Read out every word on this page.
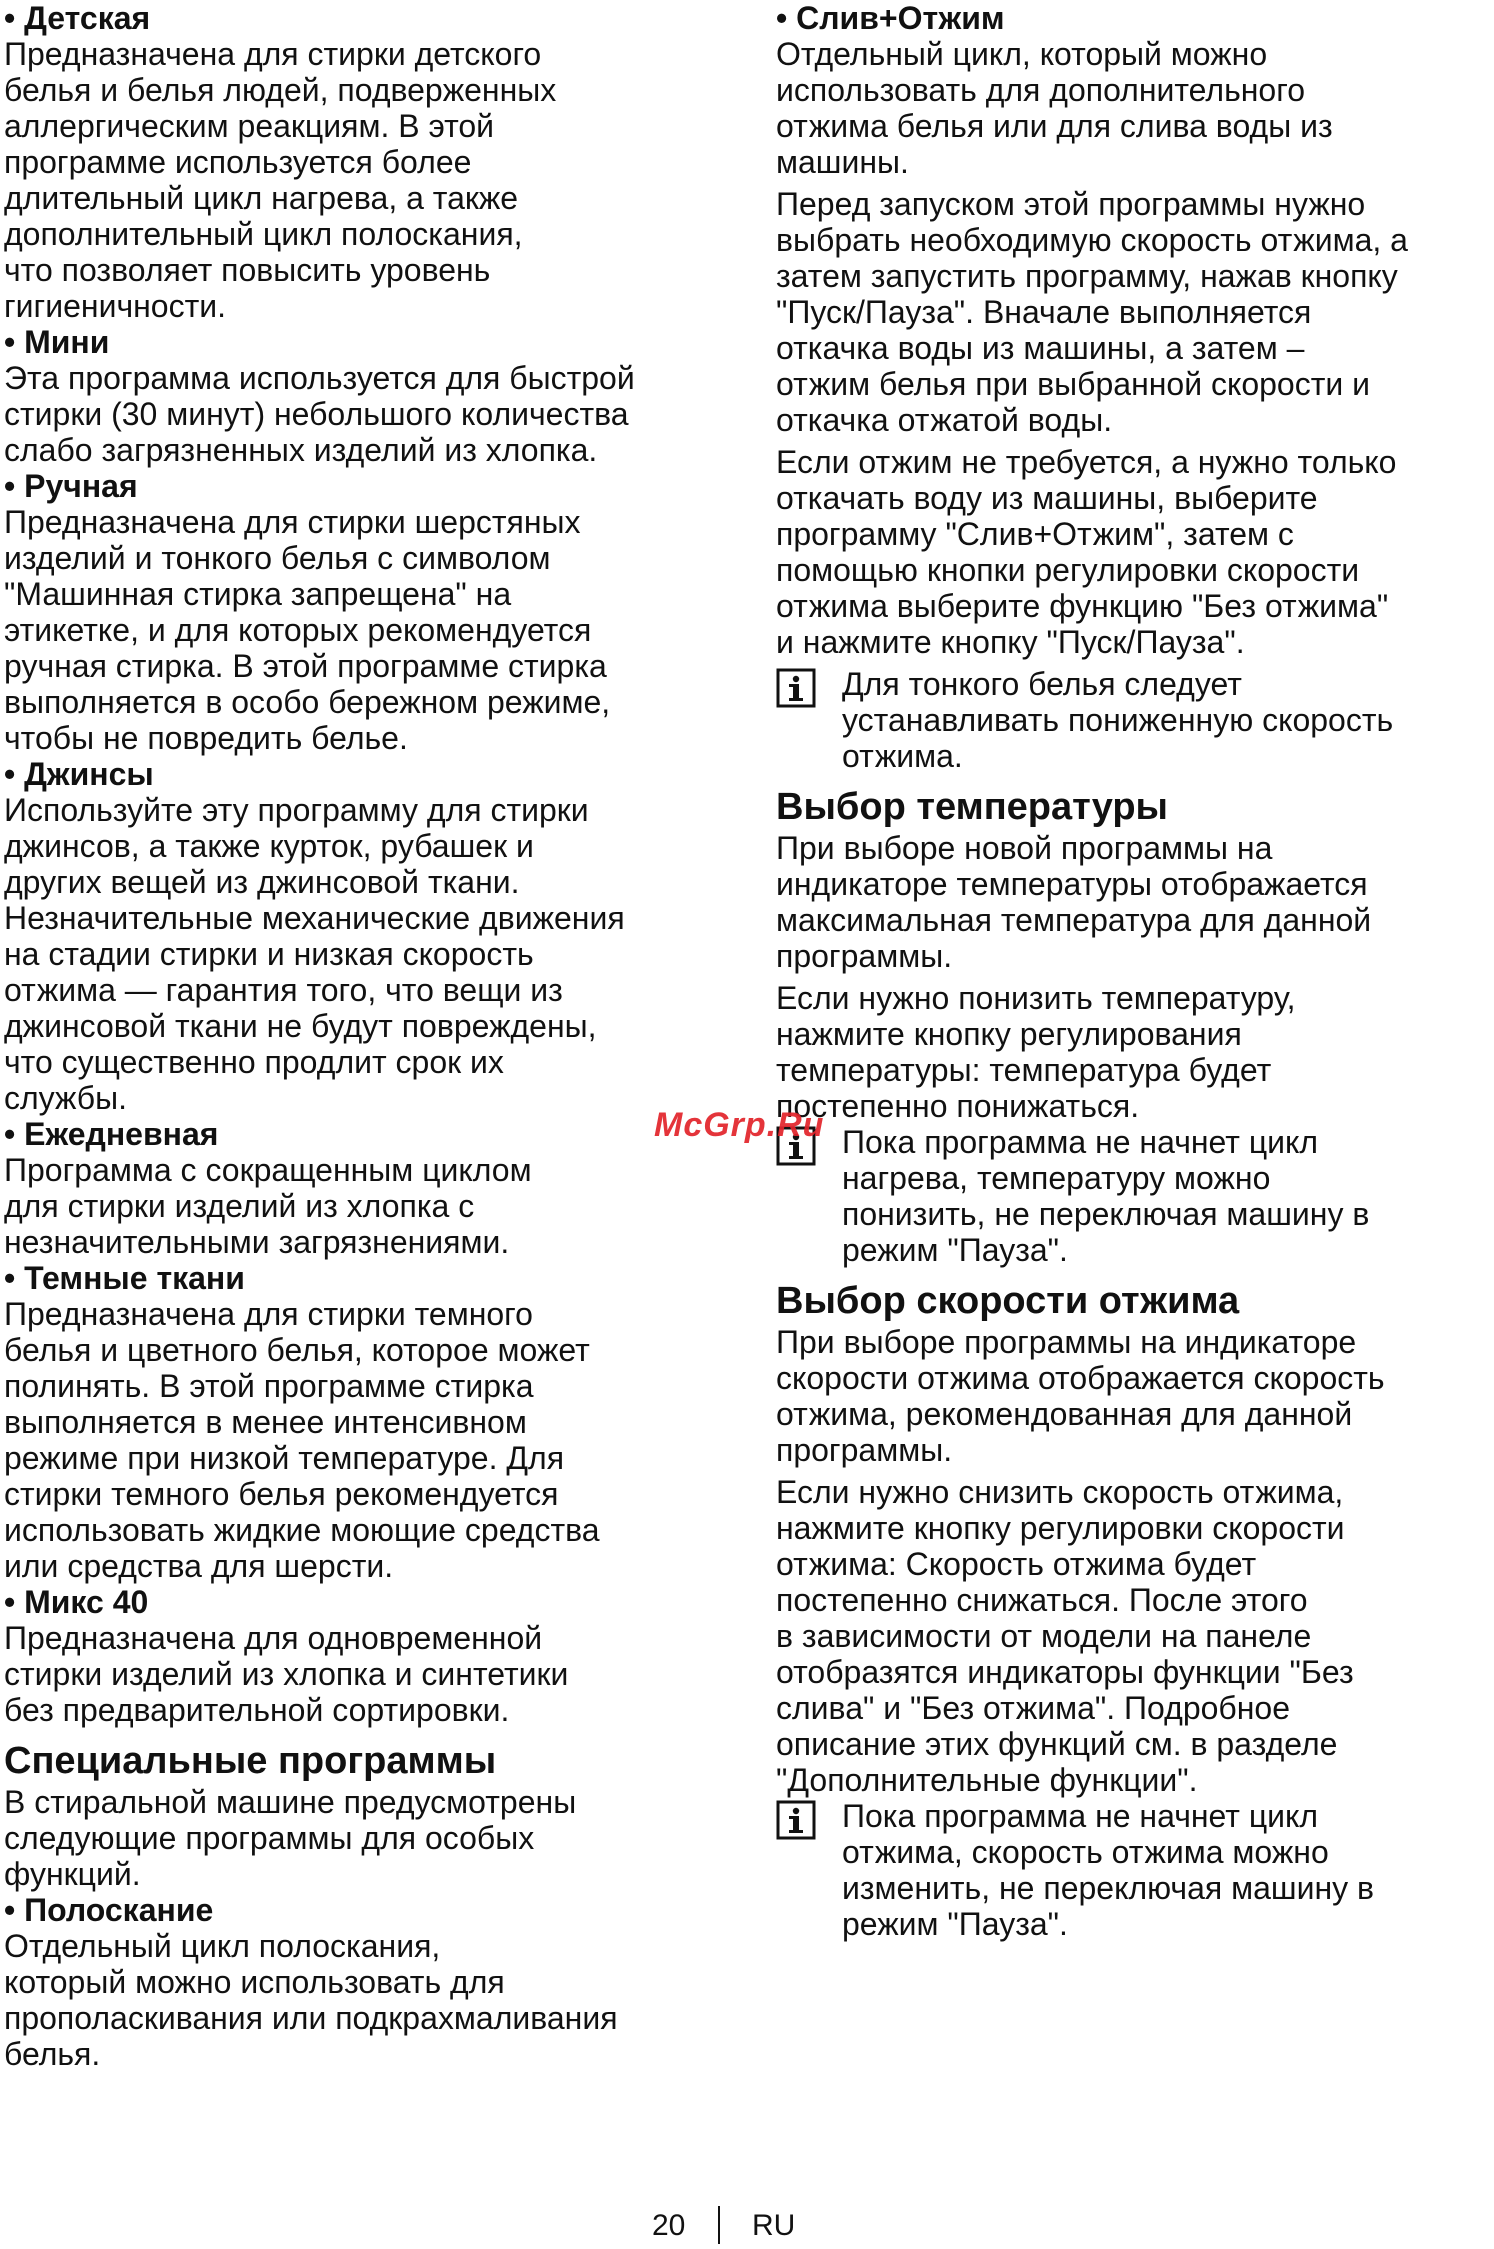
• Детская
Предназначена для стирки детского
белья и белья людей, подверженных
аллергическим реакциям. В этой
программе используется более
длительный цикл нагрева, а также
дополнительный цикл полоскания,
что позволяет повысить уровень
гигиеничности.
• Мини
Эта программа используется для быстрой
стирки (30 минут) небольшого количества
слабо загрязненных изделий из хлопка.
• Ручная
Предназначена для стирки шерстяных
изделий и тонкого белья с символом
"Машинная стирка запрещена" на
этикетке, и для которых рекомендуется
ручная стирка. В этой программе стирка
выполняется в особо бережном режиме,
чтобы не повредить белье.
• Джинсы
Используйте эту программу для стирки
джинсов, а также курток, рубашек и
других вещей из джинсовой ткани.
Незначительные механические движения
на стадии стирки и низкая скорость
отжима — гарантия того, что вещи из
джинсовой ткани не будут повреждены,
что существенно продлит срок их
службы.
• Ежедневная
Программа с сокращенным циклом
для стирки изделий из хлопка с
незначительными загрязнениями.
• Темные ткани
Предназначена для стирки темного
белья и цветного белья, которое может
полинять. В этой программе стирка
выполняется в менее интенсивном
режиме при низкой температуре. Для
стирки темного белья рекомендуется
использовать жидкие моющие средства
или средства для шерсти.
• Микс 40
Предназначена для одновременной
стирки изделий из хлопка и синтетики
без предварительной сортировки.
Специальные программы
В стиральной машине предусмотрены
следующие программы для особых
функций.
• Полоскание
Отдельный цикл полоскания,
который можно использовать для
прополаскивания или подкрахмаливания
белья.
• Слив+Отжим
Отдельный цикл, который можно
использовать для дополнительного
отжима белья или для слива воды из
машины.
Перед запуском этой программы нужно
выбрать необходимую скорость отжима, а
затем запустить программу, нажав кнопку
"Пуск/Пауза". Вначале выполняется
откачка воды из машины, а затем –
отжим белья при выбранной скорости и
откачка отжатой воды.
Если отжим не требуется, а нужно только
откачать воду из машины, выберите
программу "Слив+Отжим", затем с
помощью кнопки регулировки скорости
отжима выберите функцию "Без отжима"
и нажмите кнопку "Пуск/Пауза".
Для тонкого белья следует
устанавливать пониженную скорость
отжима.
Выбор температуры
При выборе новой программы на
индикаторе температуры отображается
максимальная температура для данной
программы.
Если нужно понизить температуру,
нажмите кнопку регулирования
температуры: температура будет
постепенно понижаться.
Пока программа не начнет цикл
нагрева, температуру можно
понизить, не переключая машину в
режим "Пауза".
Выбор скорости отжима
При выборе программы на индикаторе
скорости отжима отображается скорость
отжима, рекомендованная для данной
программы.
Если нужно снизить скорость отжима,
нажмите кнопку регулировки скорости
отжима: Скорость отжима будет
постепенно снижаться. После этого
в зависимости от модели на панеле
отобразятся индикаторы функции "Без
слива" и "Без отжима". Подробное
описание этих функций см. в разделе
"Дополнительные функции".
Пока программа не начнет цикл
отжима, скорость отжима можно
изменить, не переключая машину в
режим "Пауза".
McGrp.Ru
20 RU
